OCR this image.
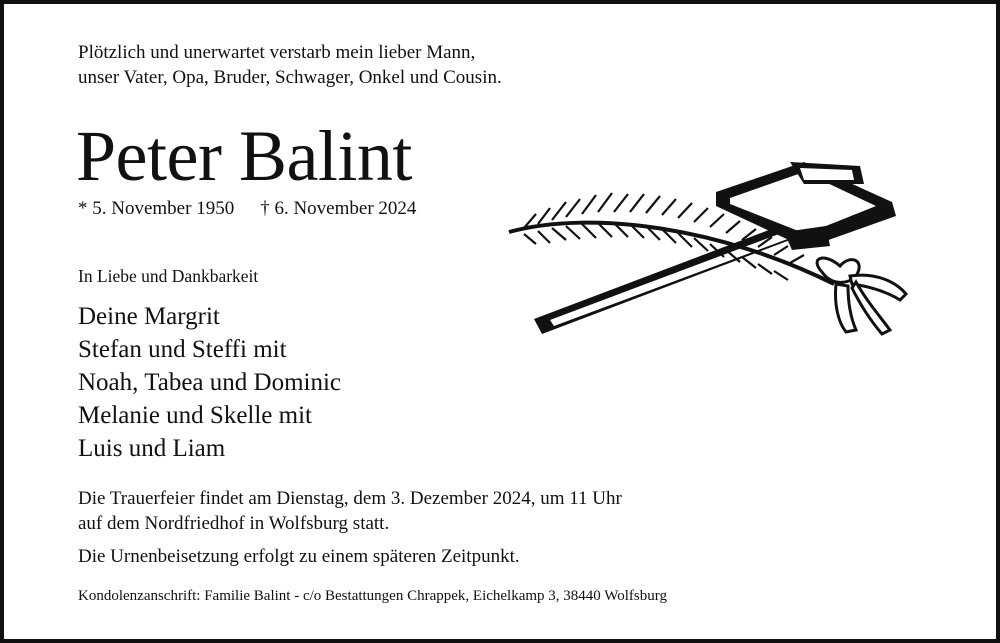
Plötzlich und unerwartet verstarb mein lieber Mann,
unser Vater, Opa, Bruder, Schwager, Onkel und Cousin.
Peter Balint
* 5. November 1950 † 6. November 2024
In Liebe und Dankbarkeit
Deine Margrit
Stefan und Steffi mit
Noah, Tabea und Dominic
Melanie und Skelle mit
Luis und Liam
Die Trauerfeier findet am Dienstag, dem 3. Dezember 2024, um 11 Uhr
auf dem Nordfriedhof in Wolfsburg statt.
Die Urnenbeisetzung erfolgt zu einem späteren Zeitpunkt.
Kondolenzanschrift: Familie Balint - c/o Bestattungen Chrappek, Eichelkamp 3, 38440 Wolfsburg
